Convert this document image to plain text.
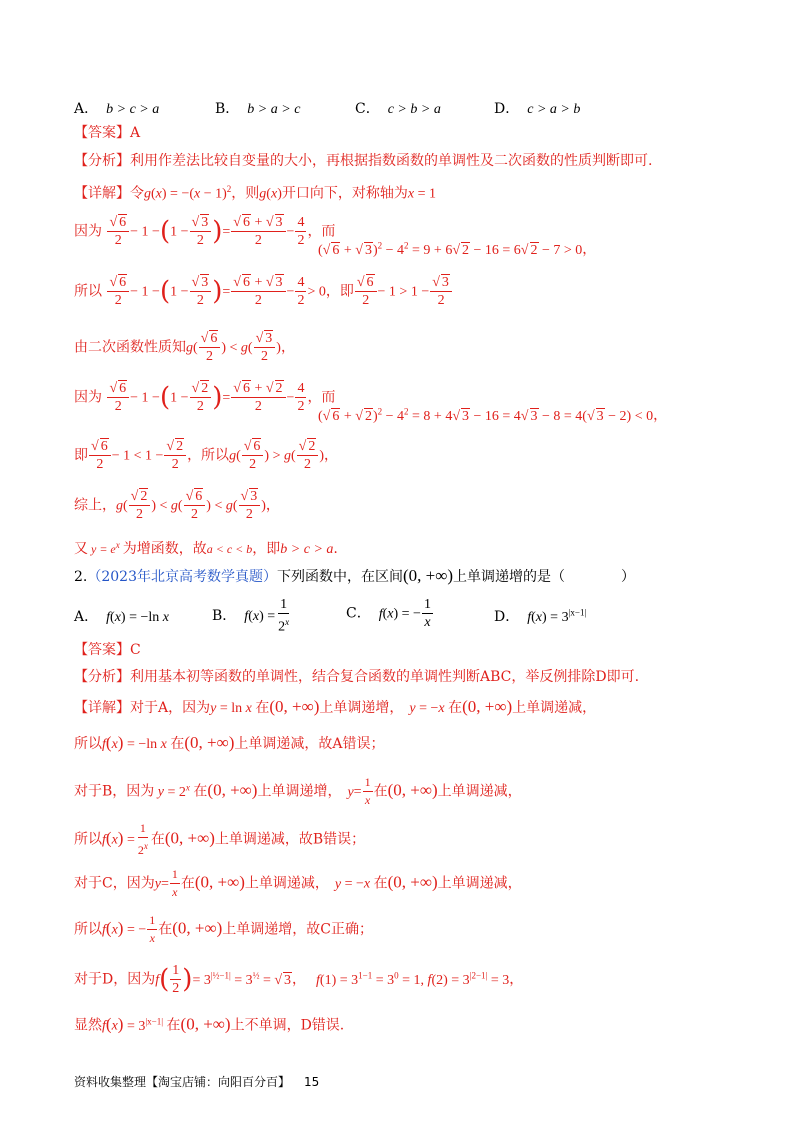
A． b > c > a	B． b > a > c	C． c > b > a	D． c > a > b
【答案】A
【分析】利用作差法比较自变量的大小，再根据指数函数的单调性及二次函数的性质判断即可.
【详解】令$g(x) = -(x - 1)^2$，则g(x)开口向下，对称轴为x = 1
因为 $\frac{√ 6}{2} - 1 -(1 - \frac{√ 3}{2}$ )= $\frac{√ 6 + √ 3}{2} - \frac{4}{2}$ ，而
(√ 6 + √ $3)^2 - 4^2 = 9 + 6√$ 2 − 16 = 6√ 2 − 7 > 0，
所以 $\frac{√ 6}{2} - 1 -(1 - \frac{√ 3}{2}$ )= $\frac{√ 6 + √ 3}{2} - \frac{4}{2} > 0$，即 $\frac{√ 6}{2} - 1 > 1 - \frac{√ 3}{2}$
由二次函数性质知$g( \frac{√ 6}{2}$ ) < $g( \frac{√ 3}{2}$ )，
因为 $\frac{√ 6}{2} - 1 -(1 - \frac{√ 2}{2}$ )= $\frac{√ 6 + √ 2}{2} - \frac{4}{2}$ ，而
(√ 6 + √ $2)^2 - 4^2 = 8 + 4√$ 3 − 16 = 4√ 3 − 8 = 4(√ 3 − 2) < 0，
即 $\frac{√ 6}{2} - 1 < 1 - \frac{√ 2}{2}$ ，所以$g( \frac{√ 6}{2}$ ) > $g( \frac{√ 2}{2}$ )，
综上，$g( \frac{√ 2}{2}$ ) < $g( \frac{√ 6}{2}$ ) < $g( \frac{√ 3}{2}$ )，
又 $y = e^x$ 为增函数，故a < c < b，即b > c > a.
2.（2023年北京高考数学真题）下列函数中，在区间(0, +∞)上单调递增的是（	）
A． f(x) = −ln x	B． $f(x) = \frac{1}{2^x}$	C． f(x) = − $\frac{1}{x}$	D． $f(x) = 3^{|x-1|}$
【答案】C
【分析】利用基本初等函数的单调性，结合复合函数的单调性判断ABC，举反例排除D即可.
【详解】对于A，因为y = ln x 在(0, +∞)上单调递增， y = −x 在(0, +∞)上单调递减，
所以f(x) = −ln x 在(0, +∞)上单调递减，故A错误；
对于B，因为 $y = 2^x$ 在(0, +∞)上单调递增， $y= \frac{1}{x}$ 在(0, +∞)上单调递减，
所以$f(x) = \frac{1}{2^x}$ 在(0, +∞)上单调递减，故B错误；
对于C，因为$y= \frac{1}{x}$ 在(0, +∞)上单调递减， y = −x 在(0, +∞)上单调递减，
所以f(x) = − $\frac{1}{x}$ 在(0, +∞)上单调递增，故C正确；
对于D，因为$f( \frac{1}{2}$ )= $3^{|\frac{1}{2}-1|} = 3^{\frac{1}{2}}$ = √ 3， $f(1) = 3^{1-1} = 3^0 = 1$, $f(2) = 3^{|2-1|} = 3$，
显然$f(x) = 3^{|x-1|}$ 在(0, +∞)上不单调，D错误.
资料收集整理【淘宝店铺：向阳百分百】 15
